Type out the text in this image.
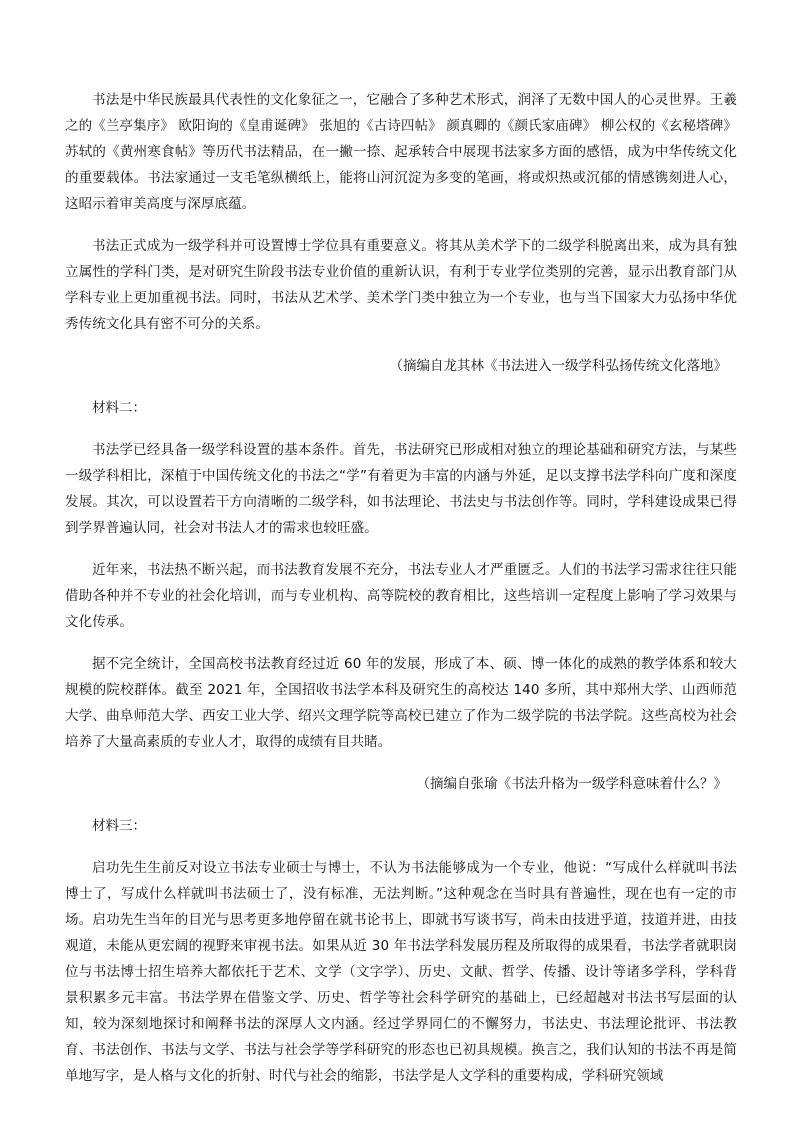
书法是中华民族最具代表性的文化象征之一，它融合了多种艺术形式，润泽了无数中国人的心灵世界。王羲之的《兰亭集序》 欧阳询的《皇甫诞碑》 张旭的《古诗四帖》 颜真卿的《颜氏家庙碑》 柳公权的《玄秘塔碑》 苏轼的《黄州寒食帖》等历代书法精品，在一撇一捺、起承转合中展现书法家多方面的感悟，成为中华传统文化的重要载体。书法家通过一支毛笔纵横纸上，能将山河沉淀为多变的笔画，将或炽热或沉郁的情感镌刻进人心，这昭示着审美高度与深厚底蕴。

书法正式成为一级学科并可设置博士学位具有重要意义。将其从美术学下的二级学科脱离出来，成为具有独立属性的学科门类，是对研究生阶段书法专业价值的重新认识，有利于专业学位类别的完善，显示出教育部门从学科专业上更加重视书法。同时，书法从艺术学、美术学门类中独立为一个专业，也与当下国家大力弘扬中华优秀传统文化具有密不可分的关系。

（摘编自龙其林《书法进入一级学科弘扬传统文化落地》

材料二：

书法学已经具备一级学科设置的基本条件。首先，书法研究已形成相对独立的理论基础和研究方法，与某些一级学科相比，深植于中国传统文化的书法之“学”有着更为丰富的内涵与外延，足以支撑书法学科向广度和深度发展。其次，可以设置若干方向清晰的二级学科，如书法理论、书法史与书法创作等。同时，学科建设成果已得到学界普遍认同，社会对书法人才的需求也较旺盛。

近年来，书法热不断兴起，而书法教育发展不充分，书法专业人才严重匮乏。人们的书法学习需求往往只能借助各种并不专业的社会化培训，而与专业机构、高等院校的教育相比，这些培训一定程度上影响了学习效果与文化传承。

据不完全统计，全国高校书法教育经过近 60 年的发展，形成了本、硕、博一体化的成熟的教学体系和较大规模的院校群体。截至 2021 年，全国招收书法学本科及研究生的高校达 140 多所，其中郑州大学、山西师范大学、曲阜师范大学、西安工业大学、绍兴文理学院等高校已建立了作为二级学院的书法学院。这些高校为社会培养了大量高素质的专业人才，取得的成绩有目共睹。

（摘编自张瑜《书法升格为一级学科意味着什么？》

材料三：

启功先生生前反对设立书法专业硕士与博士，不认为书法能够成为一个专业，他说：“写成什么样就叫书法博士了，写成什么样就叫书法硕士了，没有标准，无法判断。”这种观念在当时具有普遍性，现在也有一定的市场。启功先生当年的目光与思考更多地停留在就书论书上，即就书写谈书写，尚未由技进乎道，技道并进，由技观道，未能从更宏阔的视野来审视书法。如果从近 30 年书法学科发展历程及所取得的成果看，书法学者就职岗位与书法博士招生培养大都依托于艺术、文学（文字学）、历史、文献、哲学、传播、设计等诸多学科，学科背景积累多元丰富。书法学界在借鉴文学、历史、哲学等社会科学研究的基础上，已经超越对书法书写层面的认知，较为深刻地探讨和阐释书法的深厚人文内涵。经过学界同仁的不懈努力，书法史、书法理论批评、书法教育、书法创作、书法与文学、书法与社会学等学科研究的形态也已初具规模。换言之，我们认知的书法不再是简单地写字，是人格与文化的折射、时代与社会的缩影，书法学是人文学科的重要构成，学科研究领域
